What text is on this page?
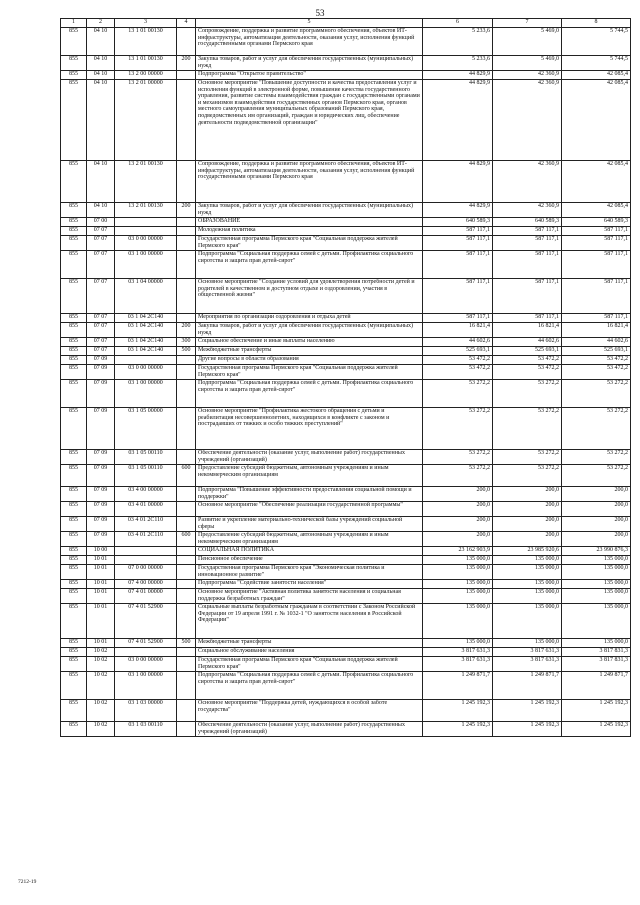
53
1	2	3	4	5	6	7	8
855	04 10	13 1 01 00130		Сопровождение, поддержка и развитие программного обеспечения, объектов ИТ-инфраструктуры, автоматизация деятельности, оказания услуг, исполнения функций государственными органами Пермского края	5 233,6	5 469,0	5 744,5
855	04 10	13 1 01 00130	200	Закупка товаров, работ и услуг для обеспечения государственных (муниципальных) нужд	5 233,6	5 469,0	5 744,5
855	04 10	13 2 00 00000		Подпрограмма "Открытое правительство"	44 829,9	42 360,9	42 085,4
855	04 10	13 2 01 00000		Основное мероприятие "Повышение доступности и качества предоставления услуг и исполнения функций в электронной форме, повышение качества государственного управления, развитие системы взаимодействия граждан с государственными органами и механизмов взаимодействия государственных органов Пермского края, органов местного самоуправления муниципальных образований Пермского края, подведомственных им организаций, граждан и юридических лиц, обеспечение деятельности подведомственной организации"	44 829,9	42 360,9	42 085,4
855	04 10	13 2 01 00130		Сопровождение, поддержка и развитие программного обеспечения, объектов ИТ-инфраструктуры, автоматизация деятельности, оказания услуг, исполнения функций государственными органами Пермского края	44 829,9	42 360,9	42 085,4
855	04 10	13 2 01 00130	200	Закупка товаров, работ и услуг для обеспечения государственных (муниципальных) нужд	44 829,9	42 360,9	42 085,4
855	07 00			ОБРАЗОВАНИЕ	640 589,3	640 589,3	640 589,3
855	07 07			Молодежная политика	587 117,1	587 117,1	587 117,1
855	07 07	03 0 00 00000		Государственная программа Пермского края "Социальная поддержка жителей Пермского края"	587 117,1	587 117,1	587 117,1
855	07 07	03 1 00 00000		Подпрограмма "Социальная поддержка семей с детьми. Профилактика социального сиротства и защита прав детей-сирот"	587 117,1	587 117,1	587 117,1
855	07 07	03 1 04 00000		Основное мероприятие "Создание условий для удовлетворения потребности детей и родителей в качественном и доступном отдыхе и оздоровлении, участия в общественной жизни"	587 117,1	587 117,1	587 117,1
855	07 07	03 1 04 2С140		Мероприятия по организации оздоровления и отдыха детей	587 117,1	587 117,1	587 117,1
855	07 07	03 1 04 2С140	200	Закупка товаров, работ и услуг для обеспечения государственных (муниципальных) нужд	16 821,4	16 821,4	16 821,4
855	07 07	03 1 04 2С140	300	Социальное обеспечение и иные выплаты населению	44 602,6	44 602,6	44 602,6
855	07 07	03 1 04 2С140	500	Межбюджетные трансферты	525 693,1	525 693,1	525 693,1
855	07 09			Другие вопросы в области образования	53 472,2	53 472,2	53 472,2
855	07 09	03 0 00 00000		Государственная программа Пермского края "Социальная поддержка жителей Пермского края"	53 472,2	53 472,2	53 472,2
855	07 09	03 1 00 00000		Подпрограмма "Социальная поддержка семей с детьми. Профилактика социального сиротства и защита прав детей-сирот"	53 272,2	53 272,2	53 272,2
855	07 09	03 1 05 00000		Основное мероприятие "Профилактика жестокого обращения с детьми и реабилитация несовершеннолетних, находящихся в конфликте с законом и пострадавших от тяжких и особо тяжких преступлений"	53 272,2	53 272,2	53 272,2
855	07 09	03 1 05 00110		Обеспечение деятельности (оказание услуг, выполнение работ) государственных учреждений (организаций)	53 272,2	53 272,2	53 272,2
855	07 09	03 1 05 00110	600	Предоставление субсидий бюджетным, автономным учреждениям и иным некоммерческим организациям	53 272,2	53 272,2	53 272,2
855	07 09	03 4 00 00000		Подпрограмма "Повышение эффективности предоставления социальной помощи и поддержки"	200,0	200,0	200,0
855	07 09	03 4 01 00000		Основное мероприятие "Обеспечение реализации государственной программы"	200,0	200,0	200,0
855	07 09	03 4 01 2С110		Развитие и укрепление материально-технической базы учреждений социальной сферы	200,0	200,0	200,0
855	07 09	03 4 01 2С110	600	Предоставление субсидий бюджетным, автономным учреждениям и иным некоммерческим организациям	200,0	200,0	200,0
855	10 00			СОЦИАЛЬНАЯ ПОЛИТИКА	23 162 903,9	23 985 920,6	23 990 876,3
855	10 01			Пенсионное обеспечение	135 000,0	135 000,0	135 000,0
855	10 01	07 0 00 00000		Государственная программа Пермского края "Экономическая политика и инновационное развитие"	135 000,0	135 000,0	135 000,0
855	10 01	07 4 00 00000		Подпрограмма "Содействие занятости населения"	135 000,0	135 000,0	135 000,0
855	10 01	07 4 01 00000		Основное мероприятие "Активная политика занятости населения и социальная поддержка безработных граждан"	135 000,0	135 000,0	135 000,0
855	10 01	07 4 01 52900		Социальные выплаты безработным гражданам в соответствии с Законом Российской Федерации от 19 апреля 1991 г. № 1032-1 "О занятости населения в Российской Федерации"	135 000,0	135 000,0	135 000,0
855	10 01	07 4 01 52900	500	Межбюджетные трансферты	135 000,0	135 000,0	135 000,0
855	10 02			Социальное обслуживание населения	3 817 631,3	3 817 631,3	3 817 831,3
855	10 02	03 0 00 00000		Государственная программа Пермского края "Социальная поддержка жителей Пермского края"	3 817 631,3	3 817 631,3	3 817 831,3
855	10 02	03 1 00 00000		Подпрограмма "Социальная поддержка семей с детьми. Профилактика социального сиротства и защита прав детей-сирот"	1 249 871,7	1 249 871,7	1 249 871,7
855	10 02	03 1 03 00000		Основное мероприятие "Поддержка детей, нуждающихся в особой заботе государства"	1 245 192,3	1 245 192,3	1 245 192,3
855	10 02	03 1 03 00110		Обеспечение деятельности (оказание услуг, выполнение работ) государственных учреждений (организаций)	1 245 192,3	1 245 192,3	1 245 192,3
7212-19
